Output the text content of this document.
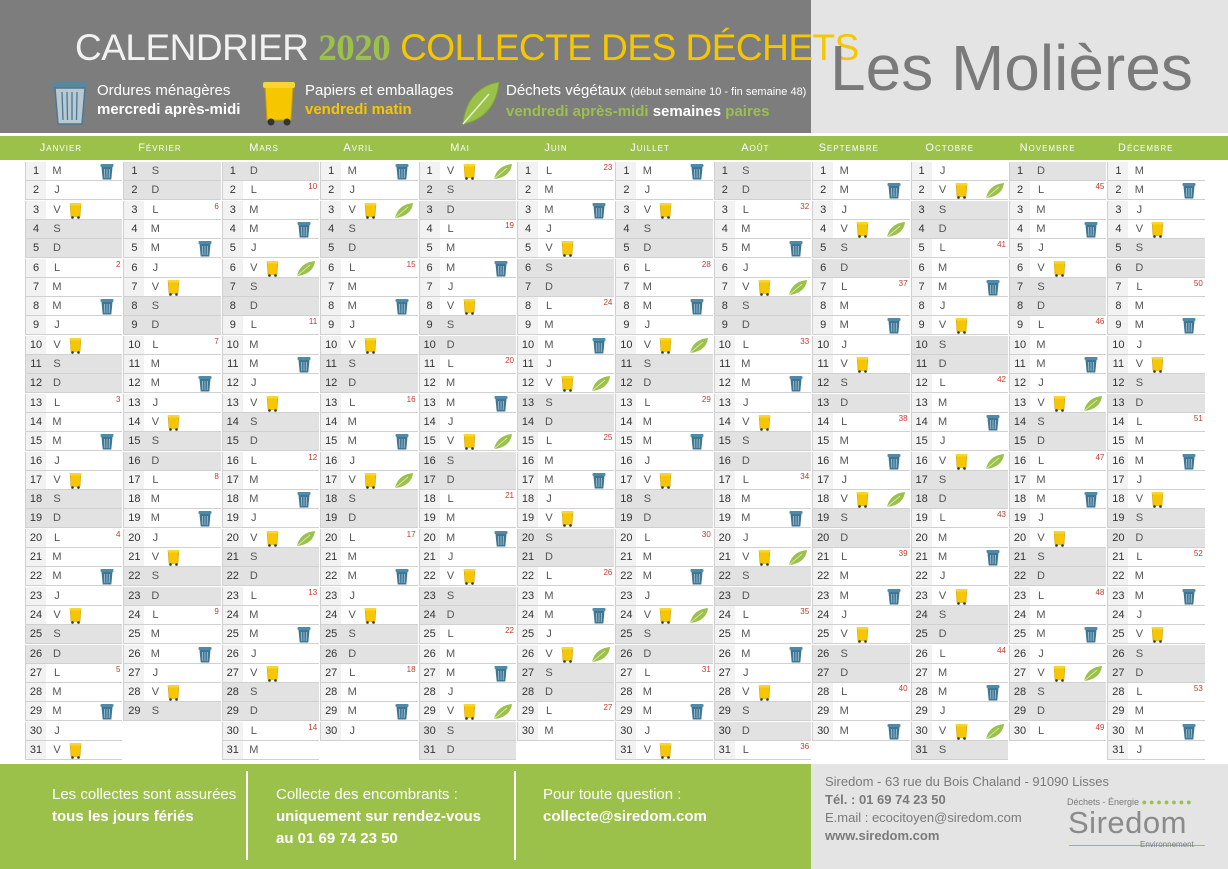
CALENDRIER 2020 COLLECTE DES DÉCHETS
Les Molières
Ordures ménagères
mercredi après-midi
Papiers et emballages
vendredi matin
Déchets végétaux (début semaine 10 - fin semaine 48)
vendredi après-midi semaines paires
Janvier	Février	Mars	Avril	Mai	Juin	Juillet	Août	Septembre	Octobre	Novembre	Décembre
1	M
2	J
3	V
4	S
5	D
6	L	2
7	M
8	M
9	J
10	V
11	S
12 D
13	L	3
14 M
15 M
16	J
17	V
18	S
19 D
20	L	4
21 M
22 M
23	J
24	V
25	S
26 D
27	L	5
28 M
29 M
30	J
31	V
1	S
2	D
3	L	6
4	M
5	M
6	J
7	V
8	S
9	D
10	L	7
11 M
12 M
13	J
14	V
15	S
16 D
17	L	8
18 M
19 M
20	J
21	V
22	S
23 D
24	L	9
25 M
26 M
27	J
28	V
29	S
1	D
2	L	10
3	M
4	M
5	J
6	V
7	S
8	D
9	L	11
10 M
11 M
12	J
13	V
14	S
15 D
16	L	12
17 M
18 M
19	J
20	V
21	S
22 D
23	L	13
24 M
25 M
26	J
27	V
28	S
29 D
30	L	14
31 M
1	M
2	J
3	V
4	S
5	D
6	L	15
7	M
8	M
9	J
10	V
11	S
12 D
13	L	16
14 M
15 M
16	J
17	V
18	S
19 D
20	L	17
21 M
22 M
23	J
24	V
25	S
26 D
27	L	18
28 M
29 M
30	J
1	V
2	S
3	D
4	L	19
5	M
6	M
7	J
8	V
9	S
10 D
11	L	20
12 M
13 M
14	J
15	V
16	S
17 D
18	L	21
19 M
20 M
21	J
22	V
23	S
24 D
25	L	22
26 M
27 M
28	J
29	V
30	S
31 D
1	L	23
2	M
3	M
4	J
5	V
6	S
7	D
8	L	24
9	M
10 M
11	J
12	V
13	S
14 D
15	L	25
16 M
17 M
18	J
19	V
20	S
21 D
22	L	26
23 M
24 M
25	J
26	V
27	S
28 D
29	L	27
30 M
1	M
2	J
3	V
4	S
5	D
6	L	28
7	M
8	M
9	J
10	V
11	S
12 D
13	L	29
14 M
15 M
16	J
17	V
18	S
19 D
20	L	30
21 M
22 M
23	J
24	V
25	S
26 D
27	L	31
28 M
29 M
30	J
31	V
1	S
2	D
3	L	32
4	M
5	M
6	J
7	V
8	S
9	D
10	L	33
11 M
12 M
13	J
14	V
15	S
16 D
17	L	34
18 M
19 M
20	J
21	V
22	S
23 D
24	L	35
25 M
26 M
27	J
28	V
29	S
30 D
31	L	36
1	M
2	M
3	J
4	V
5	S
6	D
7	L	37
8	M
9	M
10	J
11	V
12	S
13 D
14	L	38
15 M
16 M
17	J
18	V
19	S
20 D
21	L	39
22 M
23 M
24	J
25	V
26	S
27 D
28	L	40
29 M
30 M
1	J
2	V
3	S
4	D
5	L	41
6	M
7	M
8	J
9	V
10	S
11	D
12	L	42
13 M
14 M
15	J
16	V
17	S
18 D
19	L	43
20 M
21 M
22	J
23	V
24	S
25 D
26	L	44
27 M
28 M
29	J
30	V
31	S
1	D
2	L	45
3	M
4	M
5	J
6	V
7	S
8	D
9	L	46
10 M
11 M
12	J
13	V
14	S
15 D
16	L	47
17 M
18 M
19	J
20	V
21	S
22 D
23	L	48
24 M
25 M
26	J
27	V
28	S
29 D
30	L	49
1	M
2	M
3	J
4	V
5	S
6	D
7	L	50
8	M
9	M
10	J
11	V
12	S
13 D
14	L	51
15 M
16 M
17	J
18	V
19	S
20 D
21	L	52
22 M
23 M
24	J
25	V
26	S
27 D
28	L	53
29 M
30 M
31	J
Les collectes sont assurées
tous les jours fériés
Collecte des encombrants :
uniquement sur rendez-vous
au 01 69 74 23 50
Pour toute question :
collecte@siredom.com
Siredom - 63 rue du Bois Chaland - 91090 Lisses
Tél. : 01 69 74 23 50
E.mail : ecocitoyen@siredom.com
www.siredom.com
Déchets - Énergie ●●●●●●●
Siredom
Environnement
